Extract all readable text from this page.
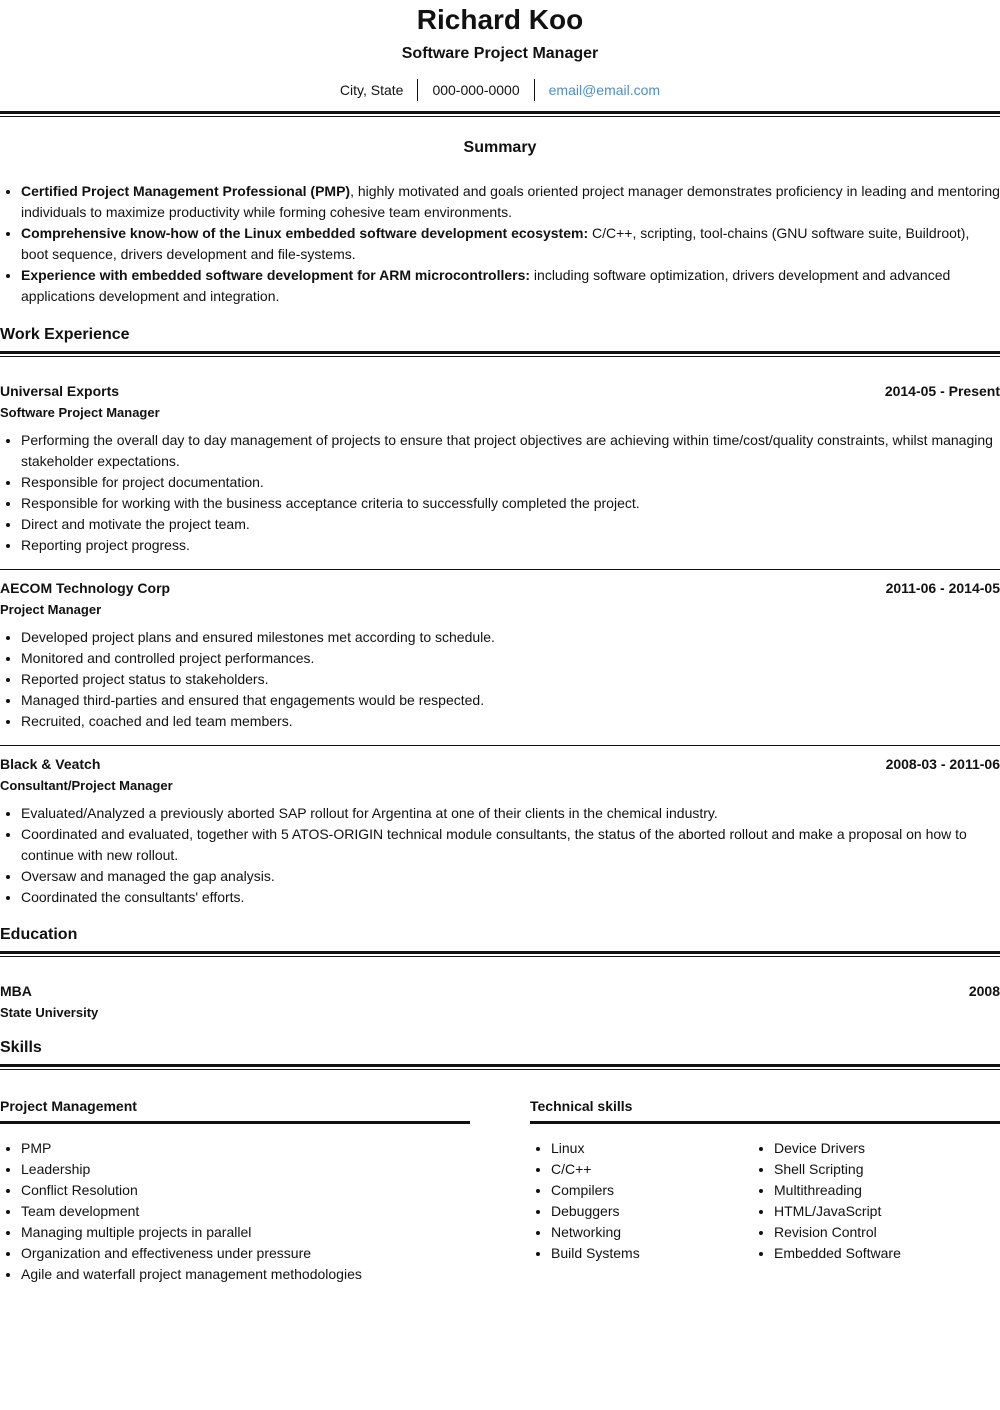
Richard Koo
Software Project Manager
City, State	000-000-0000	email@email.com
Summary
• Certified Project Management Professional (PMP), highly motivated and goals oriented project manager demonstrates proficiency in leading and mentoring individuals to maximize productivity while forming cohesive team environments.
• Comprehensive know-how of the Linux embedded software development ecosystem: C/C++, scripting, tool-chains (GNU software suite, Buildroot), boot sequence, drivers development and file-systems.
• Experience with embedded software development for ARM microcontrollers: including software optimization, drivers development and advanced applications development and integration.
Work Experience
Universal Exports	2014-05 - Present
Software Project Manager
• Performing the overall day to day management of projects to ensure that project objectives are achieving within time/cost/quality constraints, whilst managing stakeholder expectations.
• Responsible for project documentation.
• Responsible for working with the business acceptance criteria to successfully completed the project.
• Direct and motivate the project team.
• Reporting project progress.
AECOM Technology Corp	2011-06 - 2014-05
Project Manager
• Developed project plans and ensured milestones met according to schedule.
• Monitored and controlled project performances.
• Reported project status to stakeholders.
• Managed third-parties and ensured that engagements would be respected.
• Recruited, coached and led team members.
Black & Veatch	2008-03 - 2011-06
Consultant/Project Manager
• Evaluated/Analyzed a previously aborted SAP rollout for Argentina at one of their clients in the chemical industry.
• Coordinated and evaluated, together with 5 ATOS-ORIGIN technical module consultants, the status of the aborted rollout and make a proposal on how to continue with new rollout.
• Oversaw and managed the gap analysis.
• Coordinated the consultants' efforts.
Education
MBA	2008
State University
Skills
Project Management
• PMP
• Leadership
• Conflict Resolution
• Team development
• Managing multiple projects in parallel
• Organization and effectiveness under pressure
• Agile and waterfall project management methodologies
Technical skills
• Linux
• C/C++
• Compilers
• Debuggers
• Networking
• Build Systems
• Device Drivers
• Shell Scripting
• Multithreading
• HTML/JavaScript
• Revision Control
• Embedded Software
